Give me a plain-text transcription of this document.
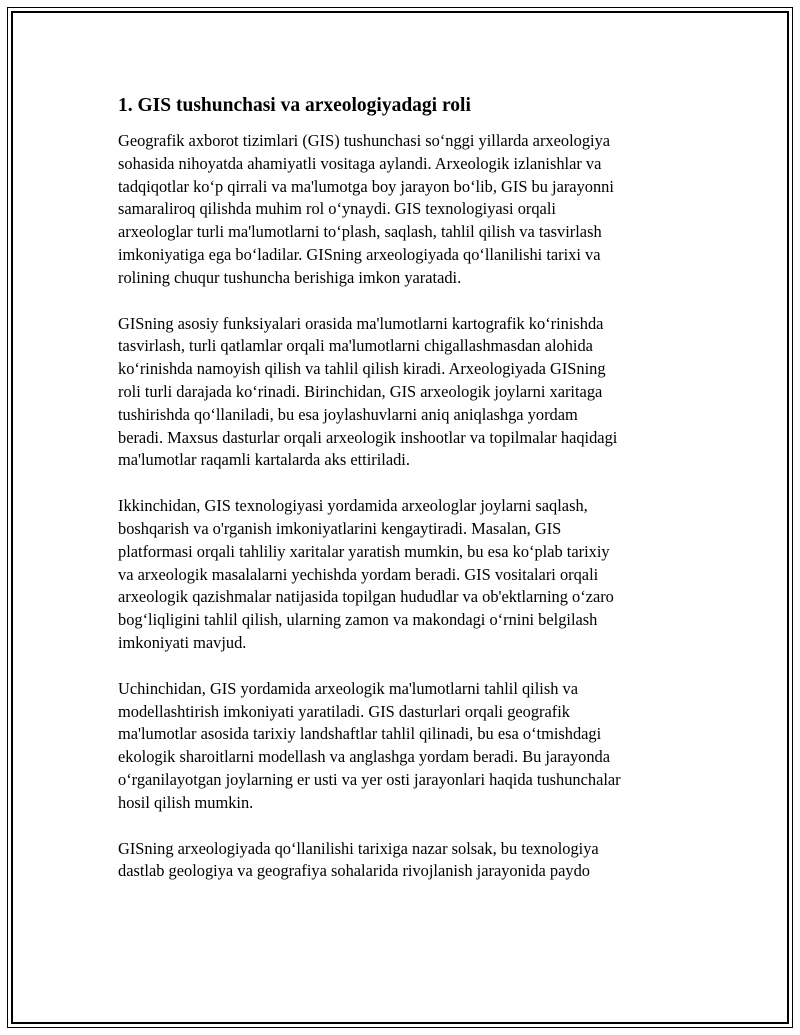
1. GIS tushunchasi va arxeologiyadagi roli
Geografik axborot tizimlari (GIS) tushunchasi so‘nggi yillarda arxeologiya
sohasida nihoyatda ahamiyatli vositaga aylandi. Arxeologik izlanishlar va
tadqiqotlar ko‘p qirrali va ma'lumotga boy jarayon bo‘lib, GIS bu jarayonni
samaraliroq qilishda muhim rol o‘ynaydi. GIS texnologiyasi orqali
arxeologlar turli ma'lumotlarni to‘plash, saqlash, tahlil qilish va tasvirlash
imkoniyatiga ega bo‘ladilar. GISning arxeologiyada qo‘llanilishi tarixi va
rolining chuqur tushuncha berishiga imkon yaratadi.
GISning asosiy funksiyalari orasida ma'lumotlarni kartografik ko‘rinishda
tasvirlash, turli qatlamlar orqali ma'lumotlarni chigallashmasdan alohida
ko‘rinishda namoyish qilish va tahlil qilish kiradi. Arxeologiyada GISning
roli turli darajada ko‘rinadi. Birinchidan, GIS arxeologik joylarni xaritaga
tushirishda qo‘llaniladi, bu esa joylashuvlarni aniq aniqlashga yordam
beradi. Maxsus dasturlar orqali arxeologik inshootlar va topilmalar haqidagi
ma'lumotlar raqamli kartalarda aks ettiriladi.
Ikkinchidan, GIS texnologiyasi yordamida arxeologlar joylarni saqlash,
boshqarish va o'rganish imkoniyatlarini kengaytiradi. Masalan, GIS
platformasi orqali tahliliy xaritalar yaratish mumkin, bu esa ko‘plab tarixiy
va arxeologik masalalarni yechishda yordam beradi. GIS vositalari orqali
arxeologik qazishmalar natijasida topilgan hududlar va ob'ektlarning o‘zaro
bog‘liqligini tahlil qilish, ularning zamon va makondagi o‘rnini belgilash
imkoniyati mavjud.
Uchinchidan, GIS yordamida arxeologik ma'lumotlarni tahlil qilish va
modellashtirish imkoniyati yaratiladi. GIS dasturlari orqali geografik
ma'lumotlar asosida tarixiy landshaftlar tahlil qilinadi, bu esa o‘tmishdagi
ekologik sharoitlarni modellash va anglashga yordam beradi. Bu jarayonda
o‘rganilayotgan joylarning er usti va yer osti jarayonlari haqida tushunchalar
hosil qilish mumkin.
GISning arxeologiyada qo‘llanilishi tarixiga nazar solsak, bu texnologiya
dastlab geologiya va geografiya sohalarida rivojlanish jarayonida paydo
